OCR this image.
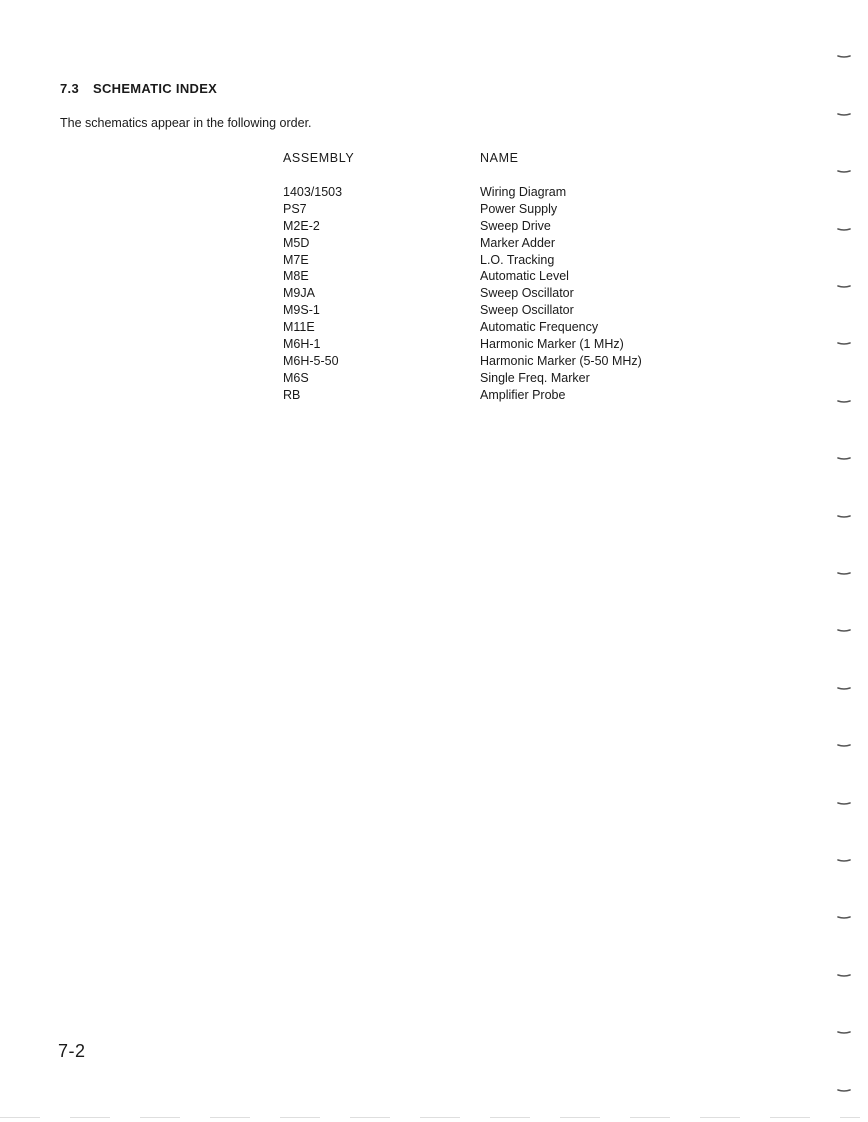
7.3 SCHEMATIC INDEX
The schematics appear in the following order.
ASSEMBLY	NAME
1403/1503	Wiring Diagram
PS7	Power Supply
M2E-2	Sweep Drive
M5D	Marker Adder
M7E	L.O. Tracking
M8E	Automatic Level
M9JA	Sweep Oscillator
M9S-1	Sweep Oscillator
M11E	Automatic Frequency
M6H-1	Harmonic Marker (1 MHz)
M6H-5-50	Harmonic Marker (5-50 MHz)
M6S	Single Freq. Marker
RB	Amplifier Probe
7-2
